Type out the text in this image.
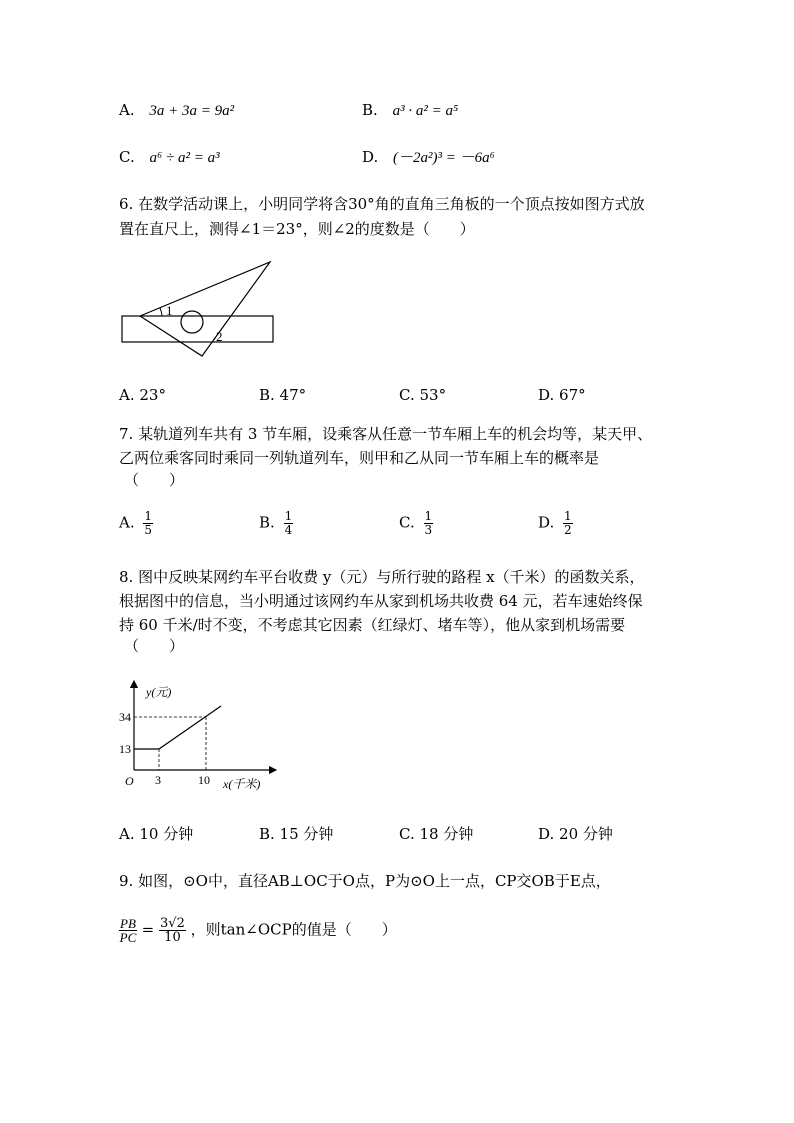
A. 3a + 3a = 9a²	B. a³ · a² = a⁵
C. a⁶ ÷ a² = a³	D. (－2a²)³ = －6a⁶
6. 在数学活动课上，小明同学将含30°角的直角三角板的一个顶点按如图方式放
置在直尺上，测得∠1＝23°，则∠2的度数是（　　）
1
2
A. 23°	B. 47°	C. 53°	D. 67°
7. 某轨道列车共有 3 节车厢，设乘客从任意一节车厢上车的机会均等，某天甲、
乙两位乘客同时乘同一列轨道列车，则甲和乙从同一节车厢上车的概率是
（　　）
A. $\frac{1}{5}$	B. $\frac{1}{4}$	C. $\frac{1}{3}$	D. $\frac{1}{2}$
8. 图中反映某网约车平台收费 y（元）与所行驶的路程 x（千米）的函数关系，
根据图中的信息，当小明通过该网约车从家到机场共收费 64 元，若车速始终保
持 60 千米/时不变，不考虑其它因素（红绿灯、堵车等），他从家到机场需要
（　　）
y(元)
34
13
O 3	10 x(千米)
A. 10 分钟	B. 15 分钟	C. 18 分钟	D. 20 分钟
9. 如图，⊙O中，直径AB⊥OC于O点，P为⊙O上一点，CP交OB于E点，
$\frac{PB}{PC} = \frac{3√2}{10}$ ，则tan∠OCP的值是（　　）
